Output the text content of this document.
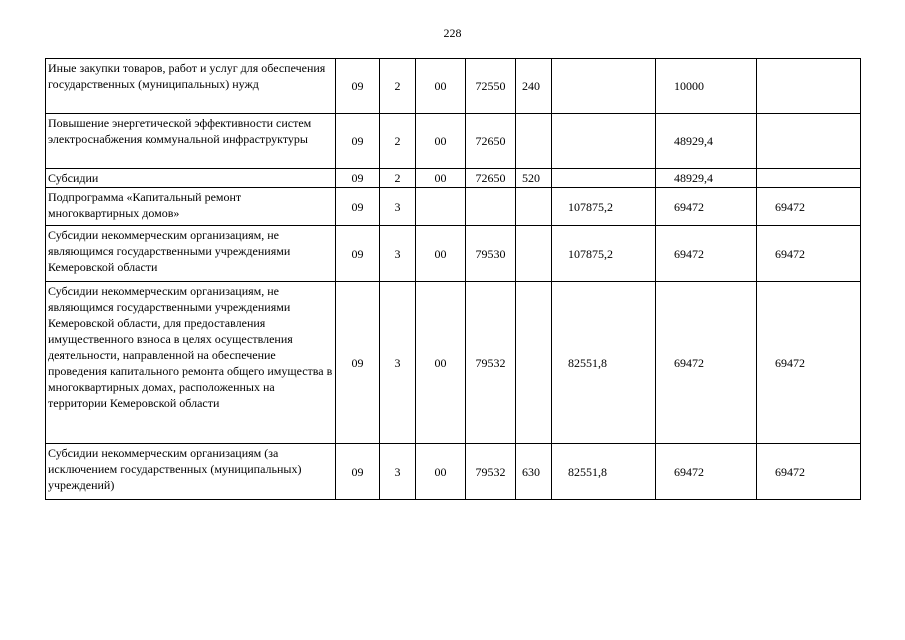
228
Иные закупки товаров, работ и услуг для обеспечения государственных (муниципальных) нужд	09	2	00	72550	240		10000	
Повышение энергетической эффективности систем электроснабжения коммунальной инфраструктуры	09	2	00	72650			48929,4	
Субсидии	09	2	00	72650	520		48929,4	
Подпрограмма «Капитальный ремонт многоквартирных домов»	09	3				107875,2	69472	69472
Субсидии некоммерческим организациям, не являющимся государственными учреждениями Кемеровской области	09	3	00	79530		107875,2	69472	69472
Субсидии некоммерческим организациям, не являющимся государственными учреждениями Кемеровской области, для предоставления имущественного взноса в целях осуществления деятельности, направленной на обеспечение проведения капитального ремонта общего имущества в многоквартирных домах, расположенных на территории Кемеровской области	09	3	00	79532		82551,8	69472	69472
Субсидии некоммерческим организациям (за исключением государственных (муниципальных) учреждений)	09	3	00	79532	630	82551,8	69472	69472
